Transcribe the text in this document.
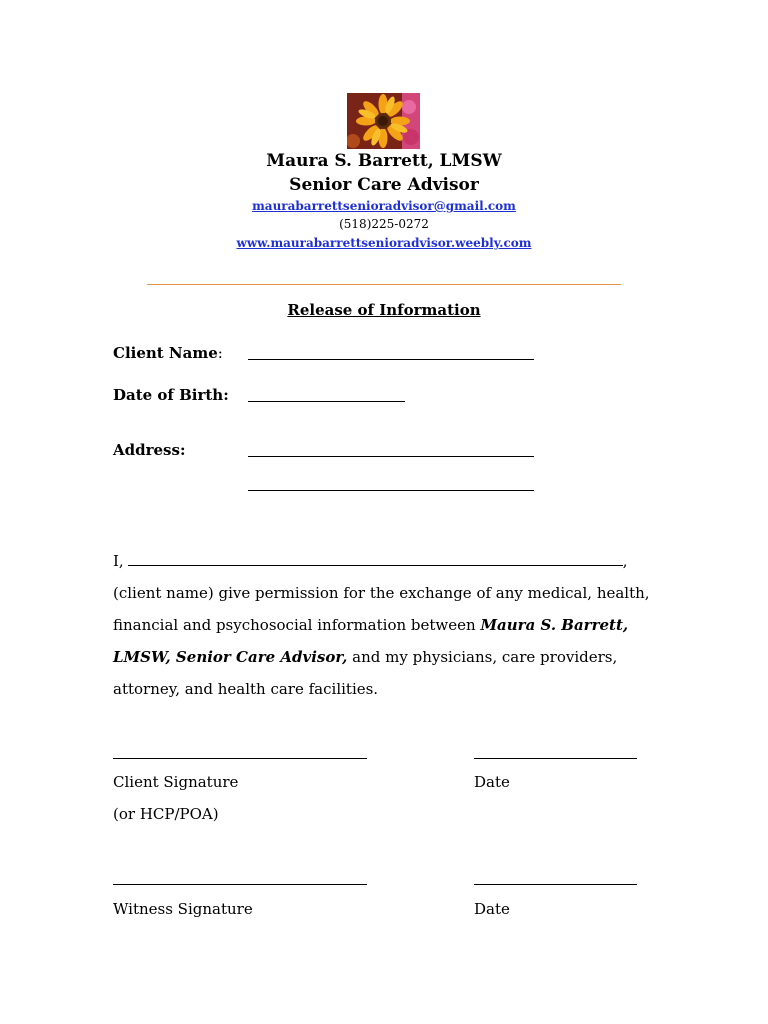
Maura S. Barrett, LMSW
Senior Care Advisor
maurabarrettsenioradvisor@gmail.com
(518)225-0272
www.maurabarrettsenioradvisor.weebly.com
Release of Information
Client Name:
Date of Birth:
Address:
I,	,
(client name) give permission for the exchange of any medical, health,
financial and psychosocial information between Maura S. Barrett,
LMSW, Senior Care Advisor, and my physicians, care providers,
attorney, and health care facilities.
Client Signature	Date
(or HCP/POA)
Witness Signature	Date
